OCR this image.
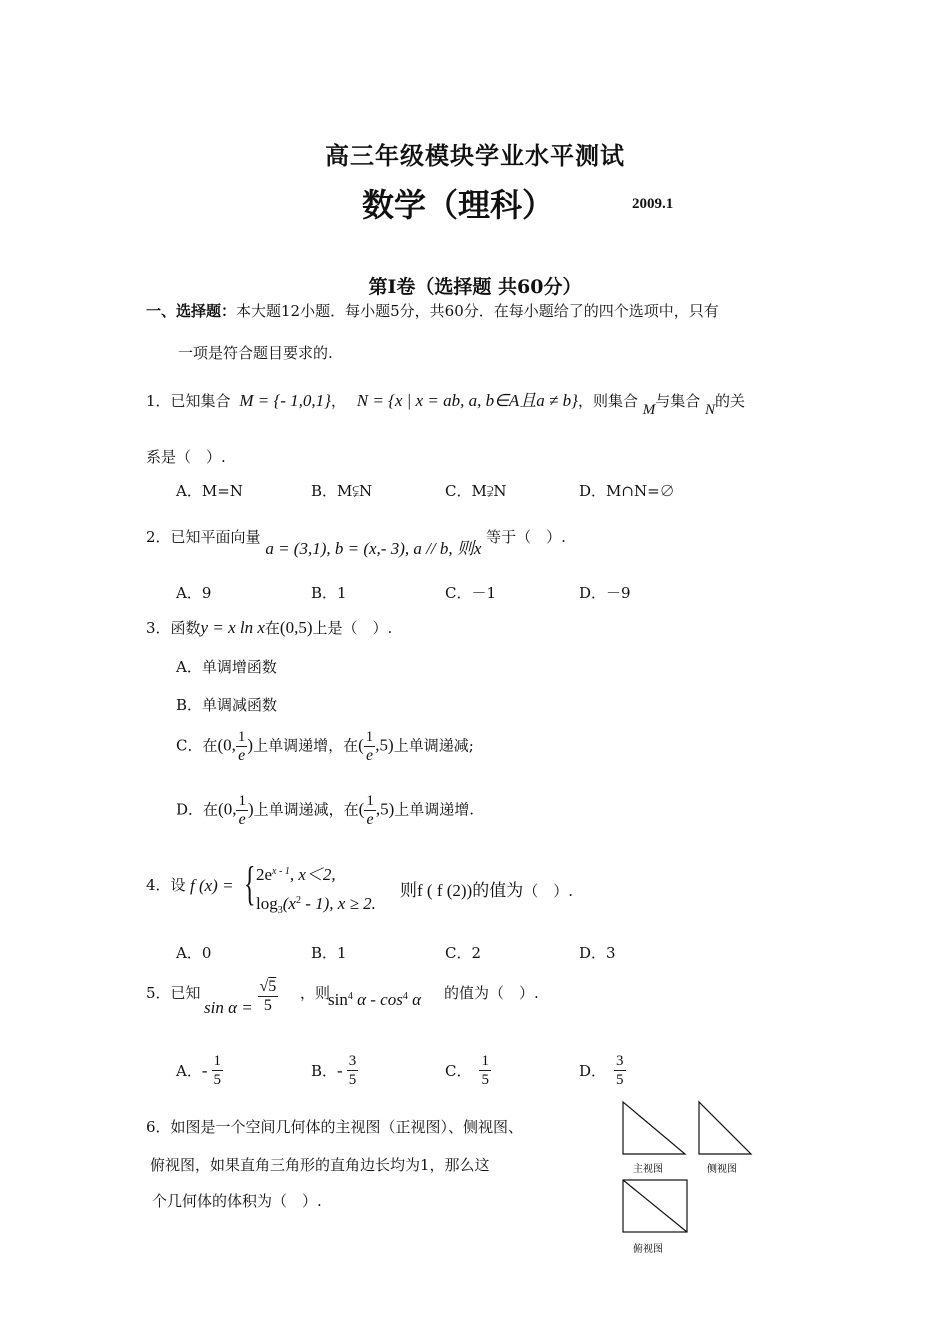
高三年级模块学业水平测试
数学（理科）	2009.1
第Ⅰ卷（选择题 共60分）
一、选择题：本大题12小题．每小题5分，共60分．在每小题给了的四个选项中，只有
一项是符合题目要求的.
1．已知集合 M = {- 1,0,1}， N = {x | x = ab, a, b∈A且a ≠ b}，则集合 M与集合 N的关
系是（　）.
A．M=N	B．M⫋N	C．M⫌N	D．M∩N=∅
2．已知平面向量 a = (3,1), b = (x,- 3), a // b, 则x 等于（　）.
A．9	B．1	C．－1	D．－9
3．函数y = x ln x在(0,5)上是（　）.
A．单调增函数
B．单调减函数
C．在(0, $\frac{1}{e}$ )上单调递增，在( $\frac{1}{e} ,5$)上单调递减;
D．在(0, $\frac{1}{e}$ )上单调递减，在( $\frac{1}{e} ,5$)上单调递增.
4．设 f (x) = { $2e^{x - 1}$, x＜2,
$\log_3(x^2 - 1)$, x ≥ 2.
则f ( f (2))的值为（　）.
A．0	B．1	C．2	D．3
5．已知
$\sin \alpha = \frac{√5}{5}$ ，则
$\sin^4 \alpha - \cos^4 \alpha$ 的值为（　）.
A．- $\frac{1}{5}$	B．- $\frac{3}{5}$	C． $\frac{1}{5}$	D． $\frac{3}{5}$
6．如图是一个空间几何体的主视图（正视图）、侧视图、
俯视图，如果直角三角形的直角边长均为1，那么这
个几何体的体积为（　）.
主视图	侧视图
俯视图
